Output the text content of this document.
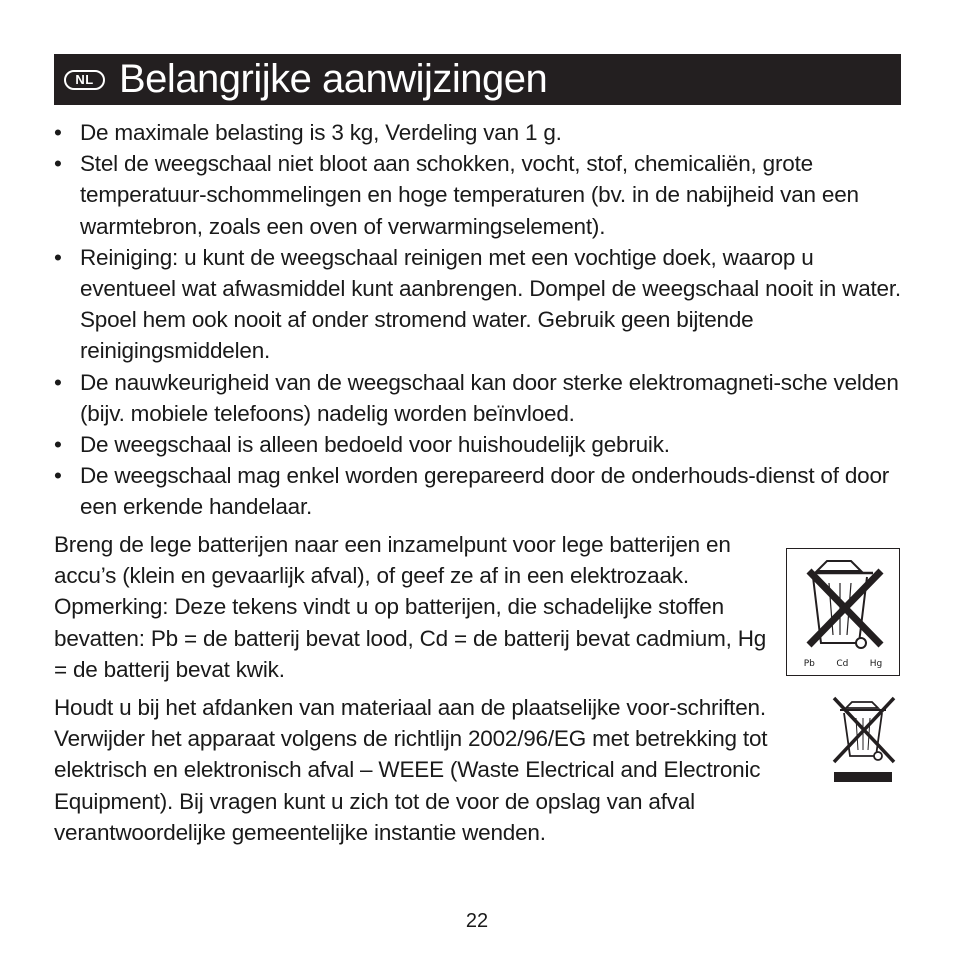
NL Belangrijke aanwijzingen
• De maximale belasting is 3 kg, Verdeling van 1 g.
• Stel de weegschaal niet bloot aan schokken, vocht, stof, chemicaliën, grote temperatuur-schommelingen en hoge temperaturen (bv. in de nabijheid van een warmtebron, zoals een oven of verwarmingselement).
• Reiniging: u kunt de weegschaal reinigen met een vochtige doek, waarop u eventueel wat afwasmiddel kunt aanbrengen. Dompel de weegschaal nooit in water. Spoel hem ook nooit af onder stromend water. Gebruik geen bijtende reinigingsmiddelen.
• De nauwkeurigheid van de weegschaal kan door sterke elektromagneti-sche velden (bijv. mobiele telefoons) nadelig worden beïnvloed.
• De weegschaal is alleen bedoeld voor huishoudelijk gebruik.
• De weegschaal mag enkel worden gerepareerd door de onderhouds-dienst of door een erkende handelaar.

Breng de lege batterijen naar een inzamelpunt voor lege batterijen en accu’s (klein en gevaarlijk afval), of geef ze af in een elektrozaak. Opmerking: Deze tekens vindt u op batterijen, die schadelijke stoffen bevatten: Pb = de batterij bevat lood, Cd = de batterij bevat cadmium, Hg = de batterij bevat kwik.	Pb Cd Hg

Houdt u bij het afdanken van materiaal aan de plaatselijke voor-schriften. Verwijder het apparaat volgens de richtlijn 2002/96/EG met betrekking tot elektrisch en elektronisch afval – WEEE (Waste Electrical and Electronic Equipment). Bij vragen kunt u zich tot de voor de opslag van afval verantwoordelijke gemeentelijke instantie wenden.

22
